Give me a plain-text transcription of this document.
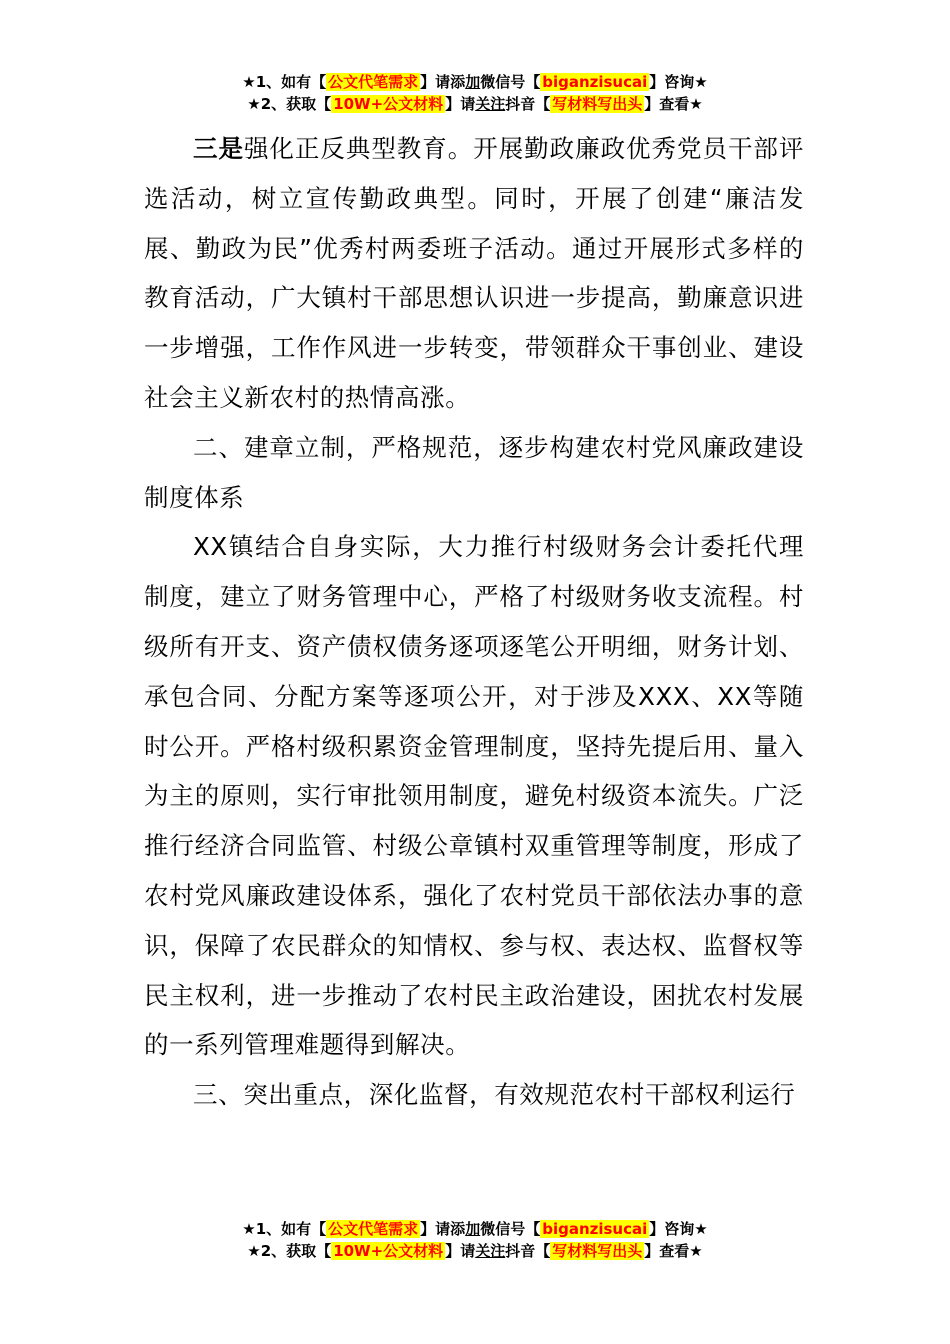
★1、如有【 公文代笔需求 】请添加微信号【 biganzisucai 】咨询★
★2、获取【 10W+公文材料 】请关注抖音【 写材料写出头 】查看★

三是强化正反典型教育。开展勤政廉政优秀党员干部评选活动，树立宣传勤政典型。同时，开展了创建“廉洁发展、勤政为民”优秀村两委班子活动。通过开展形式多样的教育活动，广大镇村干部思想认识进一步提高，勤廉意识进一步增强，工作作风进一步转变，带领群众干事创业、建设社会主义新农村的热情高涨。

二、建章立制，严格规范，逐步构建农村党风廉政建设制度体系

XX镇结合自身实际，大力推行村级财务会计委托代理制度，建立了财务管理中心，严格了村级财务收支流程。村级所有开支、资产债权债务逐项逐笔公开明细，财务计划、承包合同、分配方案等逐项公开，对于涉及XXX、XX等随时公开。严格村级积累资金管理制度，坚持先提后用、量入为主的原则，实行审批领用制度，避免村级资本流失。广泛推行经济合同监管、村级公章镇村双重管理等制度，形成了农村党风廉政建设体系，强化了农村党员干部依法办事的意识，保障了农民群众的知情权、参与权、表达权、监督权等民主权利，进一步推动了农村民主政治建设，困扰农村发展的一系列管理难题得到解决。

三、突出重点，深化监督，有效规范农村干部权利运行

★1、如有【 公文代笔需求 】请添加微信号【 biganzisucai 】咨询★
★2、获取【 10W+公文材料 】请关注抖音【 写材料写出头 】查看★
